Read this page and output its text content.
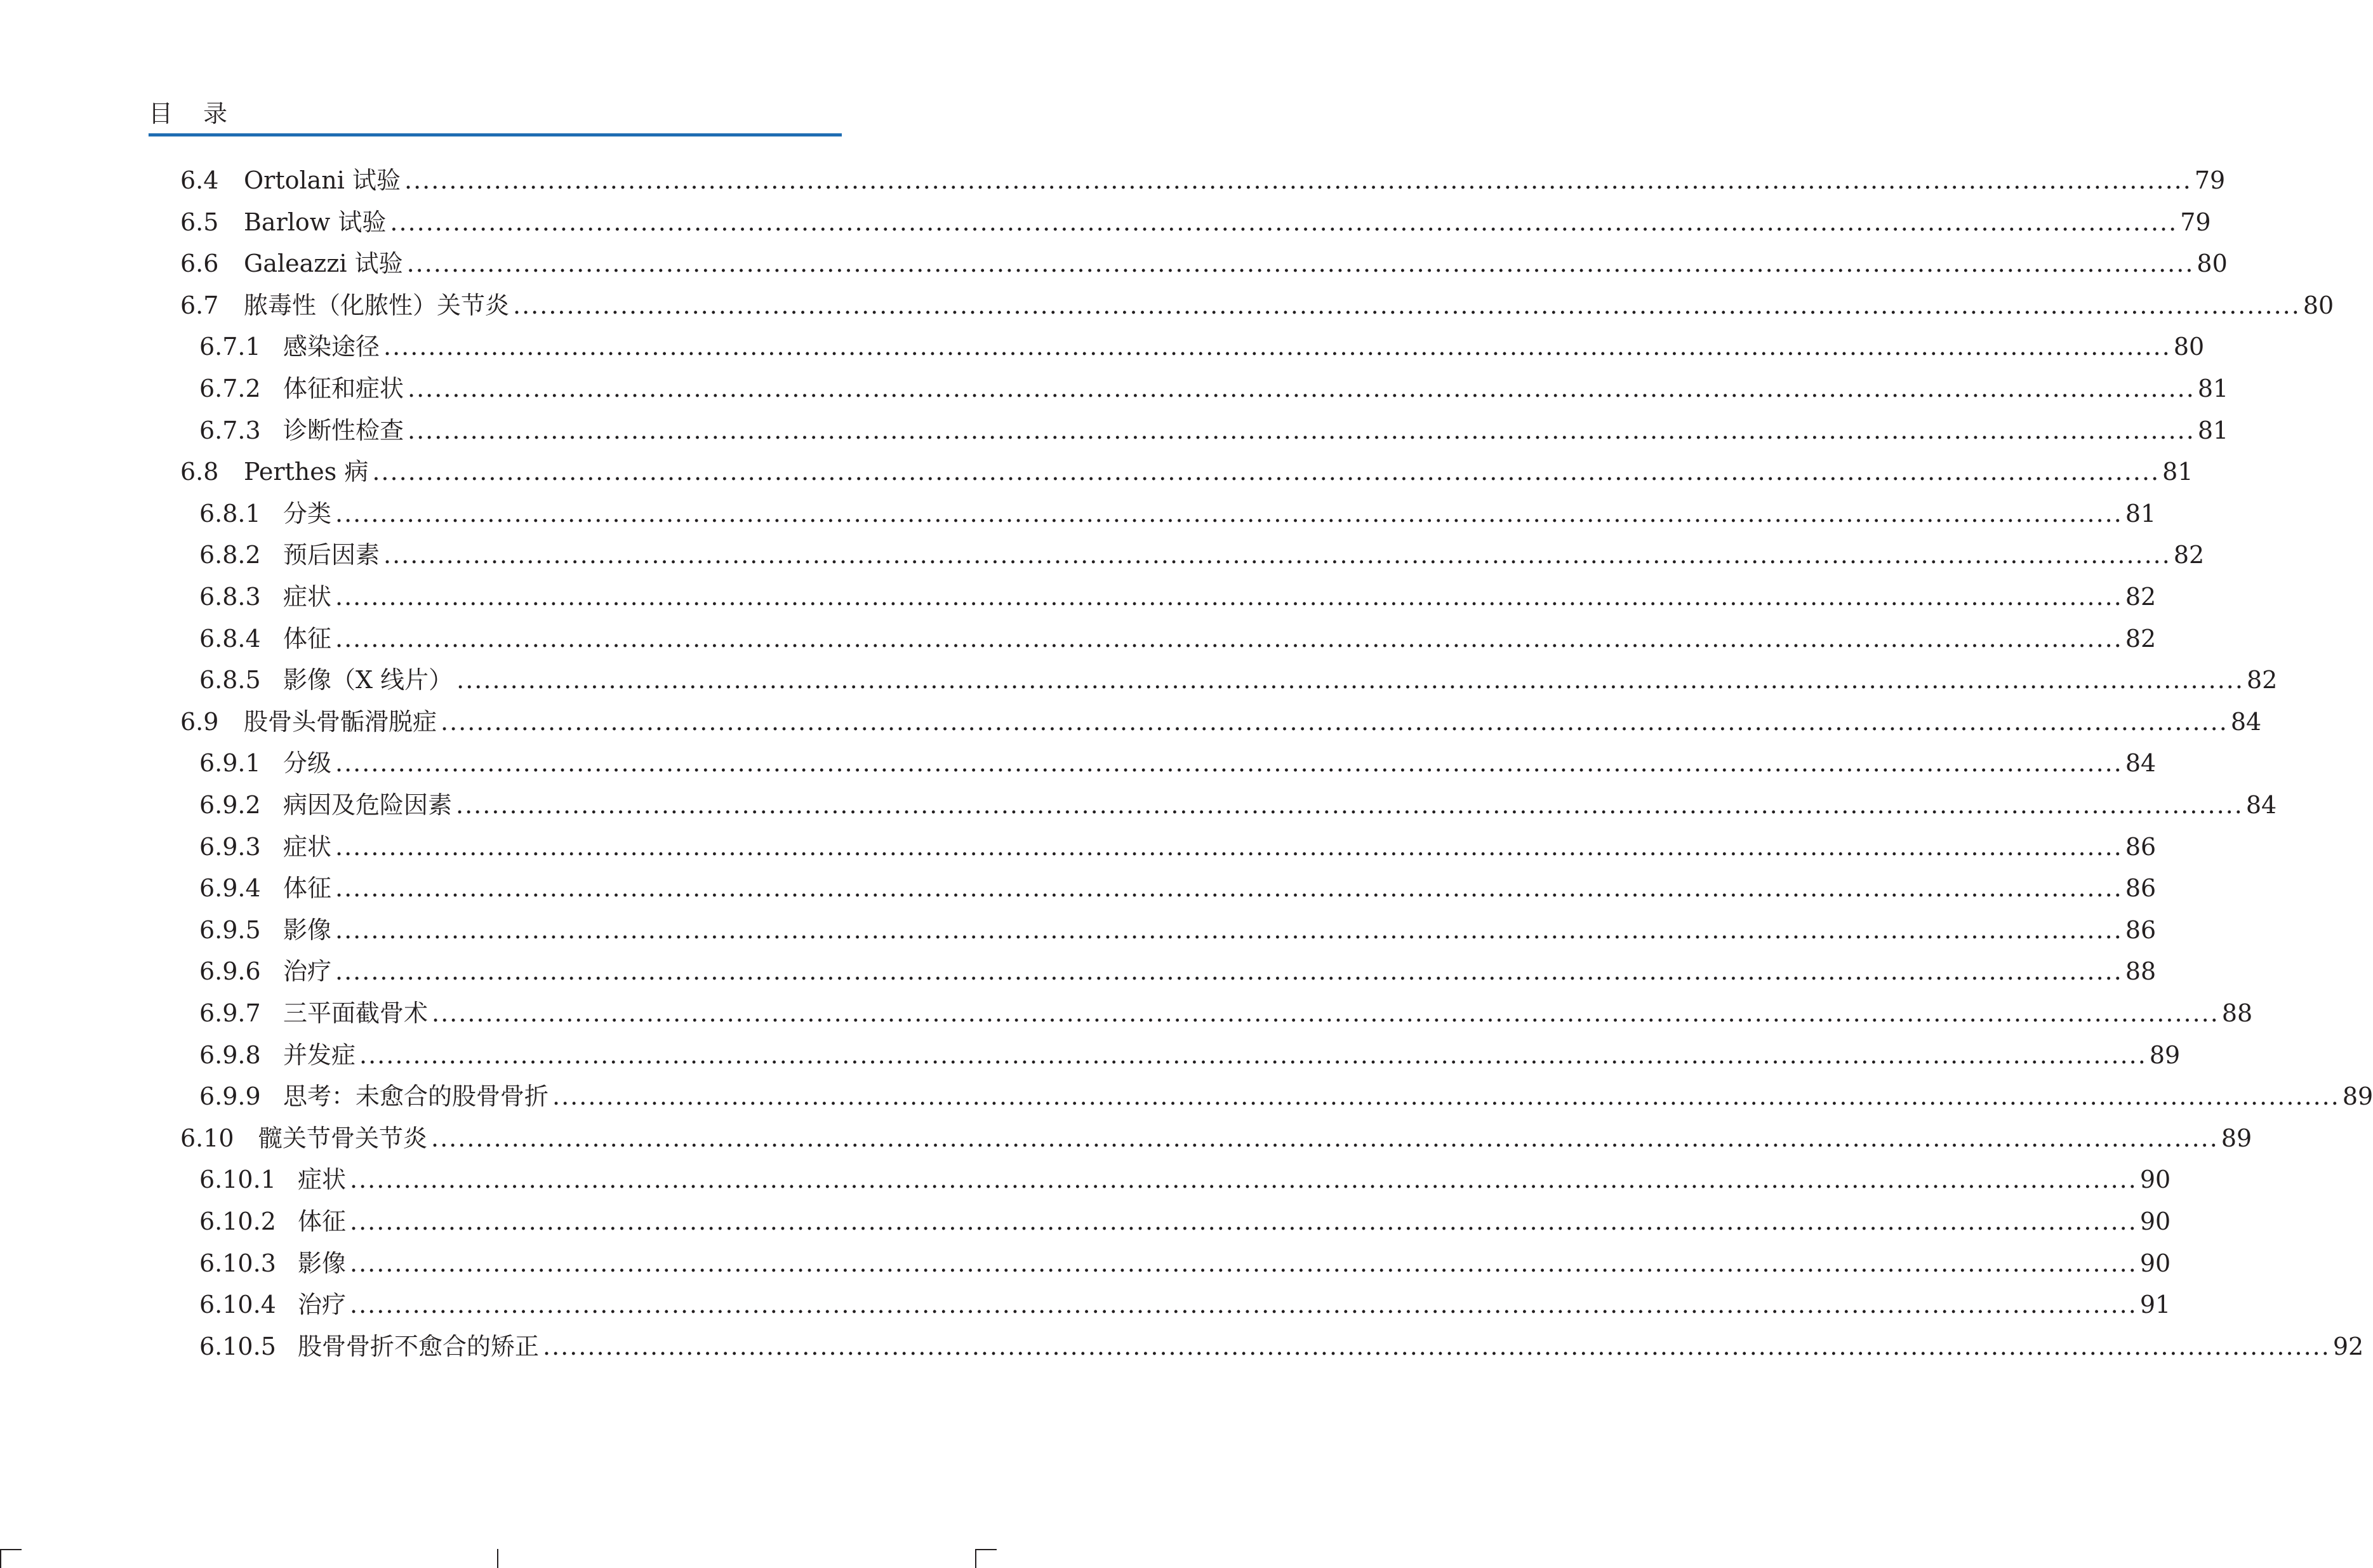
目 录
6.4	Ortolani 试验 ........................................................................................................................................................................................................ 79
6.5	Barlow 试验 ........................................................................................................................................................................................................ 79
6.6	Galeazzi 试验 ........................................................................................................................................................................................................ 80
6.7	脓毒性（化脓性）关节炎 ........................................................................................................................................................................................................ 80
6.7.1 感染途径 ........................................................................................................................................................................................................ 80
6.7.2 体征和症状 ........................................................................................................................................................................................................ 81
6.7.3 诊断性检查 ........................................................................................................................................................................................................ 81
6.8	Perthes 病 ........................................................................................................................................................................................................ 81
6.8.1 分类 ........................................................................................................................................................................................................ 81
6.8.2 预后因素 ........................................................................................................................................................................................................ 82
6.8.3 症状 ........................................................................................................................................................................................................ 82
6.8.4 体征 ........................................................................................................................................................................................................ 82
6.8.5 影像（X 线片） ........................................................................................................................................................................................................ 82
6.9	股骨头骨骺滑脱症 ........................................................................................................................................................................................................ 84
6.9.1 分级 ........................................................................................................................................................................................................ 84
6.9.2 病因及危险因素 ........................................................................................................................................................................................................ 84
6.9.3 症状 ........................................................................................................................................................................................................ 86
6.9.4 体征 ........................................................................................................................................................................................................ 86
6.9.5 影像 ........................................................................................................................................................................................................ 86
6.9.6 治疗 ........................................................................................................................................................................................................ 88
6.9.7 三平面截骨术 ........................................................................................................................................................................................................ 88
6.9.8 并发症 ........................................................................................................................................................................................................ 89
6.9.9 思考：未愈合的股骨骨折 ........................................................................................................................................................................................................ 89
6.10	髋关节骨关节炎 ........................................................................................................................................................................................................ 89
6.10.1 症状 ........................................................................................................................................................................................................ 90
6.10.2 体征 ........................................................................................................................................................................................................ 90
6.10.3 影像 ........................................................................................................................................................................................................ 90
6.10.4 治疗 ........................................................................................................................................................................................................ 91
6.10.5 股骨骨折不愈合的矫正 ........................................................................................................................................................................................................ 92
